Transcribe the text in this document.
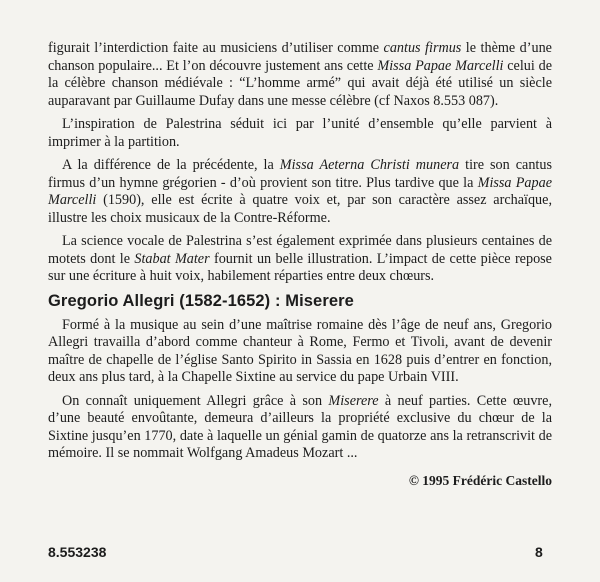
figurait l’interdiction faite au musiciens d’utiliser comme cantus firmus le thème d’une chanson populaire... Et l’on découvre justement ans cette Missa Papae Marcelli celui de la célèbre chanson médiévale : “L’homme armé” qui avait déjà été utilisé un siècle auparavant par Guillaume Dufay dans une messe célèbre (cf Naxos 8.553 087).

L’inspiration de Palestrina séduit ici par l’unité d’ensemble qu’elle parvient à imprimer à la partition.

A la différence de la précédente, la Missa Aeterna Christi munera tire son cantus firmus d’un hymne grégorien - d’où provient son titre. Plus tardive que la Missa Papae Marcelli (1590), elle est écrite à quatre voix et, par son caractère assez archaïque, illustre les choix musicaux de la Contre-Réforme.

La science vocale de Palestrina s’est également exprimée dans plusieurs centaines de motets dont le Stabat Mater fournit un belle illustration. L’impact de cette pièce repose sur une écriture à huit voix, habilement réparties entre deux chœurs.

Gregorio Allegri (1582-1652) : Miserere

Formé à la musique au sein d’une maîtrise romaine dès l’âge de neuf ans, Gregorio Allegri travailla d’abord comme chanteur à Rome, Fermo et Tivoli, avant de devenir maître de chapelle de l’église Santo Spirito in Sassia en 1628 puis d’entrer en fonction, deux ans plus tard, à la Chapelle Sixtine au service du pape Urbain VIII.

On connaît uniquement Allegri grâce à son Miserere à neuf parties. Cette œuvre, d’une beauté envoûtante, demeura d’ailleurs la propriété exclusive du chœur de la Sixtine jusqu’en 1770, date à laquelle un génial gamin de quatorze ans la retranscrivit de mémoire. Il se nommait Wolfgang Amadeus Mozart ...

© 1995 Frédéric Castello
8.553238	8
